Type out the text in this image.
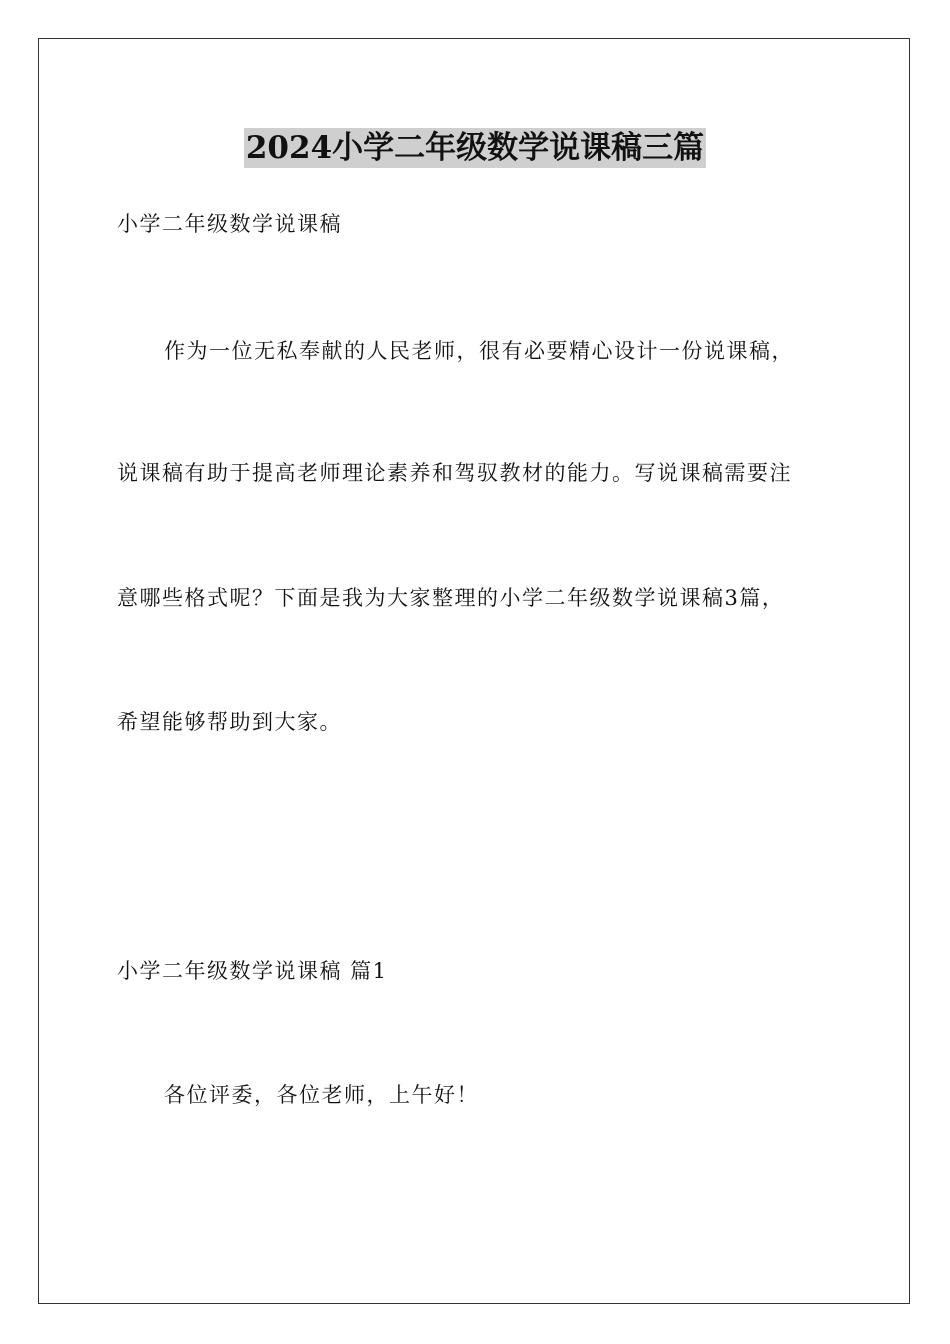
2024小学二年级数学说课稿三篇
小学二年级数学说课稿
作为一位无私奉献的人民老师，很有必要精心设计一份说课稿，
说课稿有助于提高老师理论素养和驾驭教材的能力。写说课稿需要注
意哪些格式呢？下面是我为大家整理的小学二年级数学说课稿3篇，
希望能够帮助到大家。
小学二年级数学说课稿 篇1
各位评委，各位老师，上午好！
